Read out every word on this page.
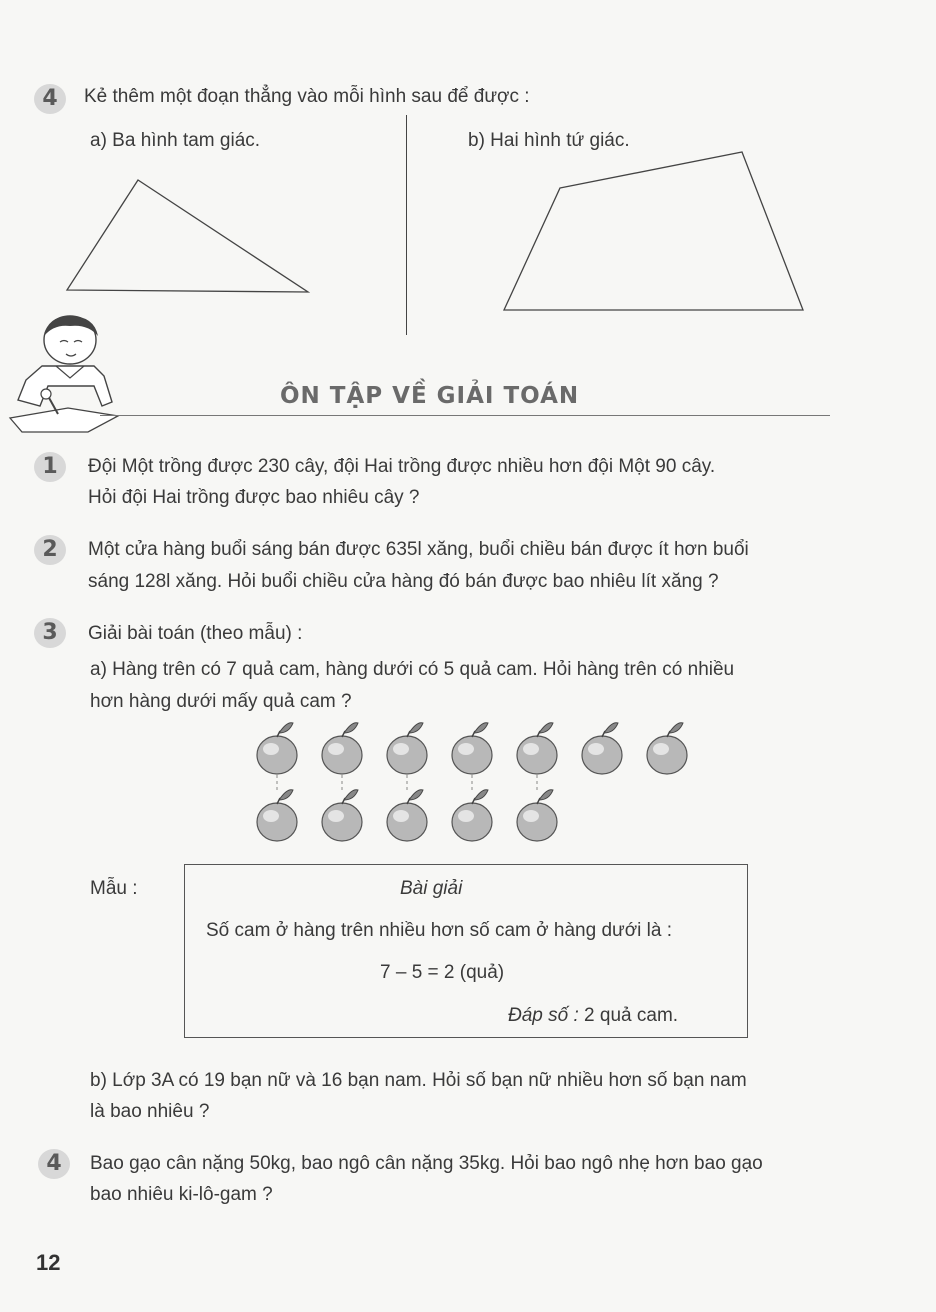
4	Kẻ thêm một đoạn thẳng vào mỗi hình sau để được :
a) Ba hình tam giác.	b) Hai hình tứ giác.
ÔN TẬP VỀ GIẢI TOÁN
1	Đội Một trồng được 230 cây, đội Hai trồng được nhiều hơn đội Một 90 cây.
Hỏi đội Hai trồng được bao nhiêu cây ?
2	Một cửa hàng buổi sáng bán được 635l xăng, buổi chiều bán được ít hơn buổi
sáng 128l xăng. Hỏi buổi chiều cửa hàng đó bán được bao nhiêu lít xăng ?
3	Giải bài toán (theo mẫu) :
a) Hàng trên có 7 quả cam, hàng dưới có 5 quả cam. Hỏi hàng trên có nhiều
hơn hàng dưới mấy quả cam ?
Mẫu :	Bài giải
Số cam ở hàng trên nhiều hơn số cam ở hàng dưới là :
7 – 5 = 2 (quả)
Đáp số : 2 quả cam.
b) Lớp 3A có 19 bạn nữ và 16 bạn nam. Hỏi số bạn nữ nhiều hơn số bạn nam
là bao nhiêu ?
4	Bao gạo cân nặng 50kg, bao ngô cân nặng 35kg. Hỏi bao ngô nhẹ hơn bao gạo
bao nhiêu ki-lô-gam ?
12
